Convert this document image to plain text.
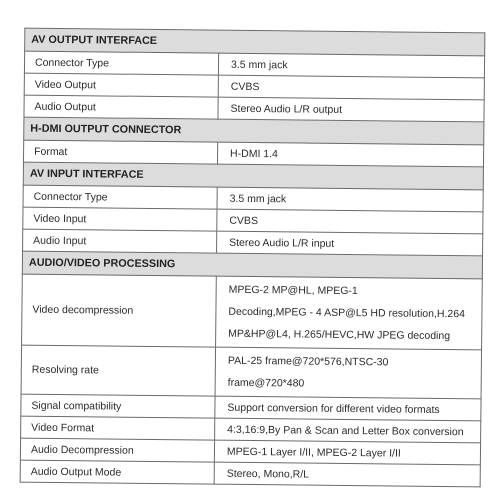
AV OUTPUT INTERFACE	
Connector Type	3.5 mm jack

Video Output	CVBS

Audio Output	Stereo Audio L/R output

H-DMI OUTPUT CONNECTOR	
Format	H-DMI 1.4

AV INPUT INTERFACE	
Connector Type	3.5 mm jack

Video Input	CVBS

Audio Input	Stereo Audio L/R input

AUDIO/VIDEO PROCESSING	
Video decompression	MPEG-2 MP@HL, MPEG-1
Decoding,MPEG - 4 ASP@L5 HD resolution,H.264
MP&HP@L4, H.265/HEVC,HW JPEG decoding

Resolving rate	PAL-25 frame@720*576,NTSC-30
frame@720*480

Signal compatibility	Support conversion for different video formats

Video Format	4:3,16:9,By Pan & Scan and Letter Box conversion

Audio Decompression	MPEG-1 Layer I/II, MPEG-2 Layer I/II

Audio Output Mode	Stereo, Mono,R/L
